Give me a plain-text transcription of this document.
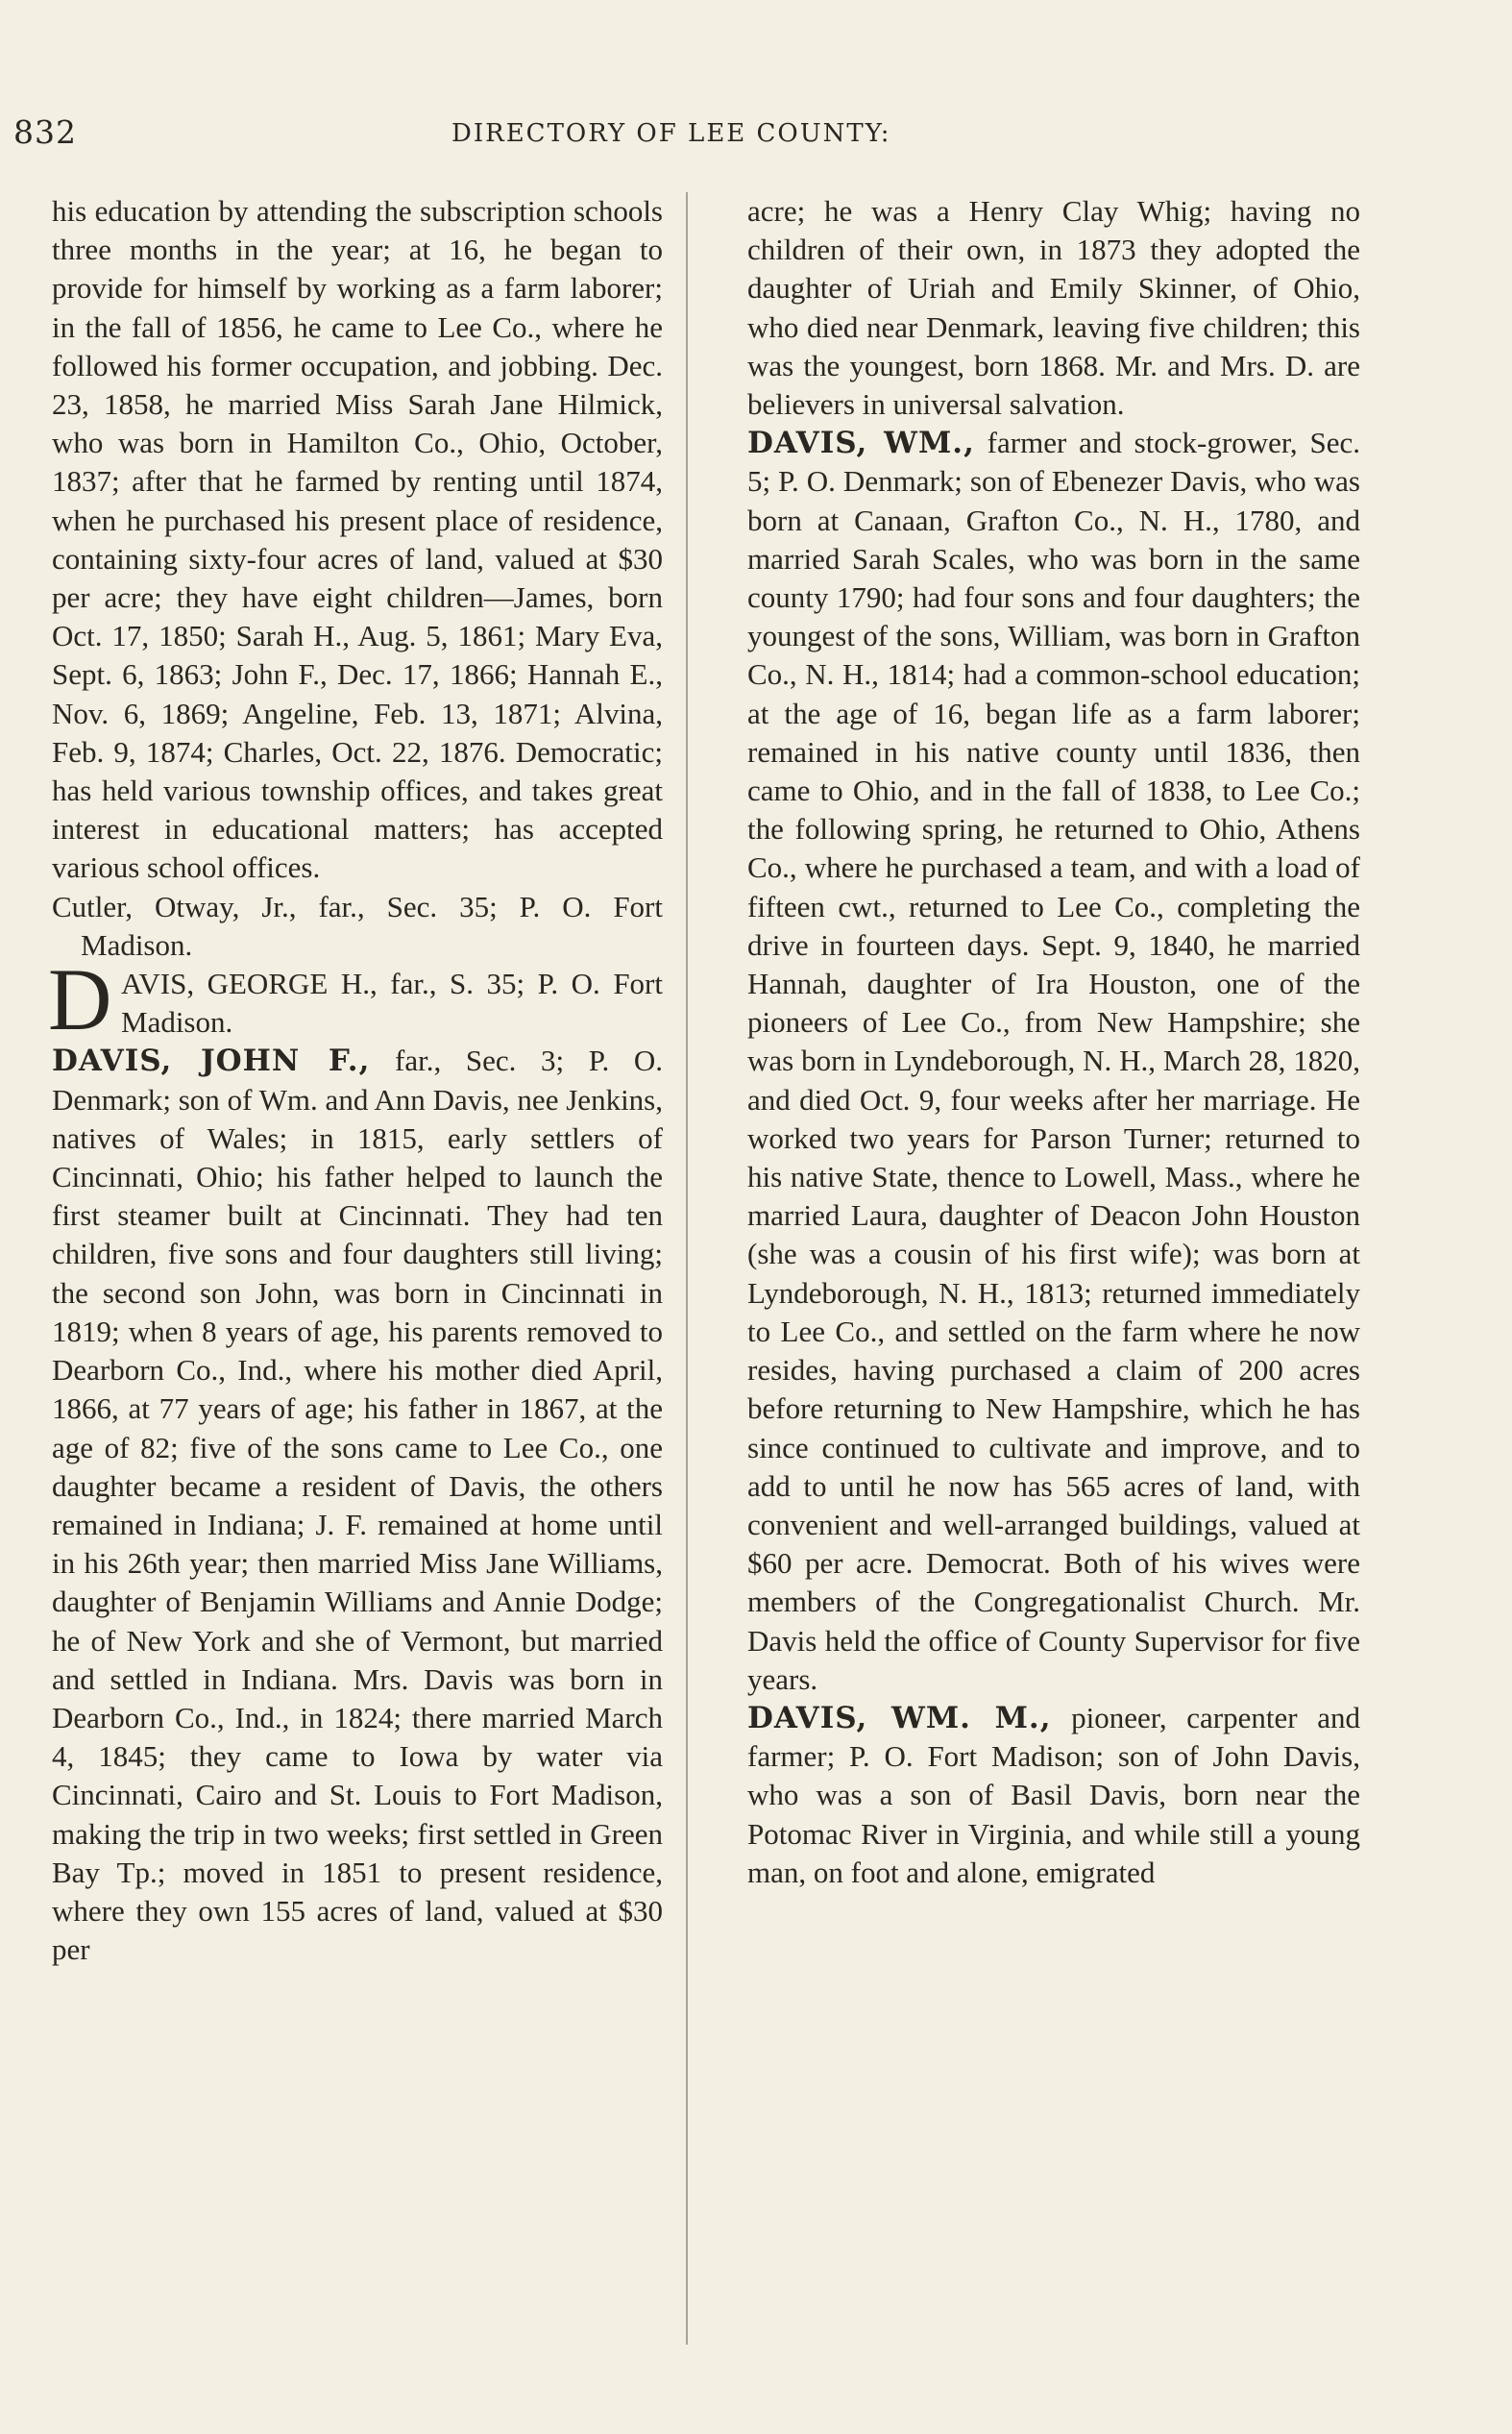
832	DIRECTORY OF LEE COUNTY:

his education by attending the subscription schools three months in the year; at 16, he began to provide for himself by working as a farm laborer; in the fall of 1856, he came to Lee Co., where he followed his former occupation, and jobbing. Dec. 23, 1858, he married Miss Sarah Jane Hilmick, who was born in Hamilton Co., Ohio, October, 1837; after that he farmed by renting until 1874, when he purchased his present place of residence, containing sixty-four acres of land, valued at $30 per acre; they have eight children—James, born Oct. 17, 1850; Sarah H., Aug. 5, 1861; Mary Eva, Sept. 6, 1863; John F., Dec. 17, 1866; Hannah E., Nov. 6, 1869; Angeline, Feb. 13, 1871; Alvina, Feb. 9, 1874; Charles, Oct. 22, 1876. Democratic; has held various township offices, and takes great interest in educational matters; has accepted various school offices.

Cutler, Otway, Jr., far., Sec. 35; P. O. Fort Madison.

D AVIS, GEORGE H., far., S. 35; P. O. Fort Madison.

DAVIS, JOHN F., far., Sec. 3; P. O. Denmark; son of Wm. and Ann Davis, nee Jenkins, natives of Wales; in 1815, early settlers of Cincinnati, Ohio; his father helped to launch the first steamer built at Cincinnati. They had ten children, five sons and four daughters still living; the second son John, was born in Cincinnati in 1819; when 8 years of age, his parents removed to Dearborn Co., Ind., where his mother died April, 1866, at 77 years of age; his father in 1867, at the age of 82; five of the sons came to Lee Co., one daughter became a resident of Davis, the others remained in Indiana; J. F. remained at home until in his 26th year; then married Miss Jane Williams, daughter of Benjamin Williams and Annie Dodge; he of New York and she of Vermont, but married and settled in Indiana. Mrs. Davis was born in Dearborn Co., Ind., in 1824; there married March 4, 1845; they came to Iowa by water via Cincinnati, Cairo and St. Louis to Fort Madison, making the trip in two weeks; first settled in Green Bay Tp.; moved in 1851 to present residence, where they own 155 acres of land, valued at $30 per

acre; he was a Henry Clay Whig; having no children of their own, in 1873 they adopted the daughter of Uriah and Emily Skinner, of Ohio, who died near Denmark, leaving five children; this was the youngest, born 1868. Mr. and Mrs. D. are believers in universal salvation.

DAVIS, WM., farmer and stock-grower, Sec. 5; P. O. Denmark; son of Ebenezer Davis, who was born at Canaan, Grafton Co., N. H., 1780, and married Sarah Scales, who was born in the same county 1790; had four sons and four daughters; the youngest of the sons, William, was born in Grafton Co., N. H., 1814; had a common-school education; at the age of 16, began life as a farm laborer; remained in his native county until 1836, then came to Ohio, and in the fall of 1838, to Lee Co.; the following spring, he returned to Ohio, Athens Co., where he purchased a team, and with a load of fifteen cwt., returned to Lee Co., completing the drive in fourteen days. Sept. 9, 1840, he married Hannah, daughter of Ira Houston, one of the pioneers of Lee Co., from New Hampshire; she was born in Lyndeborough, N. H., March 28, 1820, and died Oct. 9, four weeks after her marriage. He worked two years for Parson Turner; returned to his native State, thence to Lowell, Mass., where he married Laura, daughter of Deacon John Houston (she was a cousin of his first wife); was born at Lyndeborough, N. H., 1813; returned immediately to Lee Co., and settled on the farm where he now resides, having purchased a claim of 200 acres before returning to New Hampshire, which he has since continued to cultivate and improve, and to add to until he now has 565 acres of land, with convenient and well-arranged buildings, valued at $60 per acre. Democrat. Both of his wives were members of the Congregationalist Church. Mr. Davis held the office of County Supervisor for five years.

DAVIS, WM. M., pioneer, carpenter and farmer; P. O. Fort Madison; son of John Davis, who was a son of Basil Davis, born near the Potomac River in Virginia, and while still a young man, on foot and alone, emigrated
